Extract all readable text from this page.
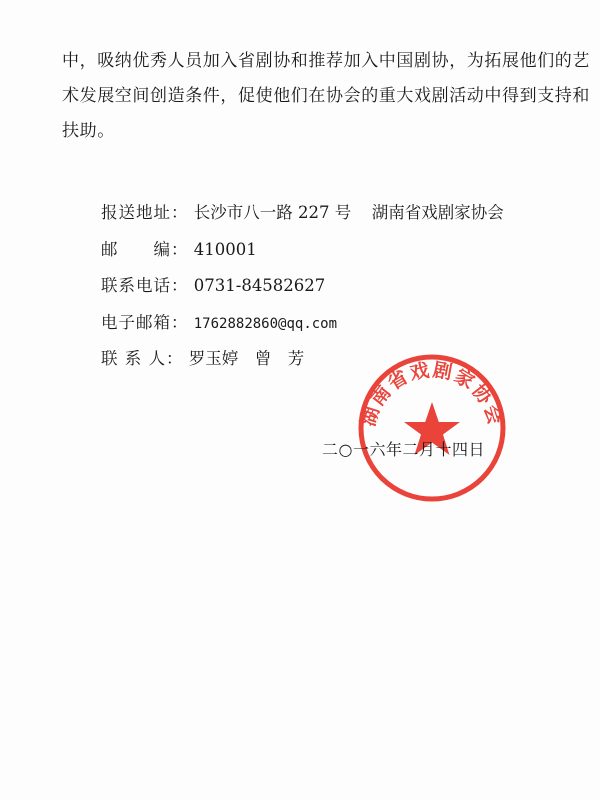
中，吸纳优秀人员加入省剧协和推荐加入中国剧协，为拓展他们的艺
术发展空间创造条件，促使他们在协会的重大戏剧活动中得到支持和
扶助。
报送地址： 长沙市八一路 227 号 湖南省戏剧家协会
邮　　编： 410001
联系电话： 0731-84582627
电子邮箱： 1762882860@qq.com
联 系 人： 罗玉婷　曾　芳
湖南省戏剧家协会
二○一六年二月十四日
